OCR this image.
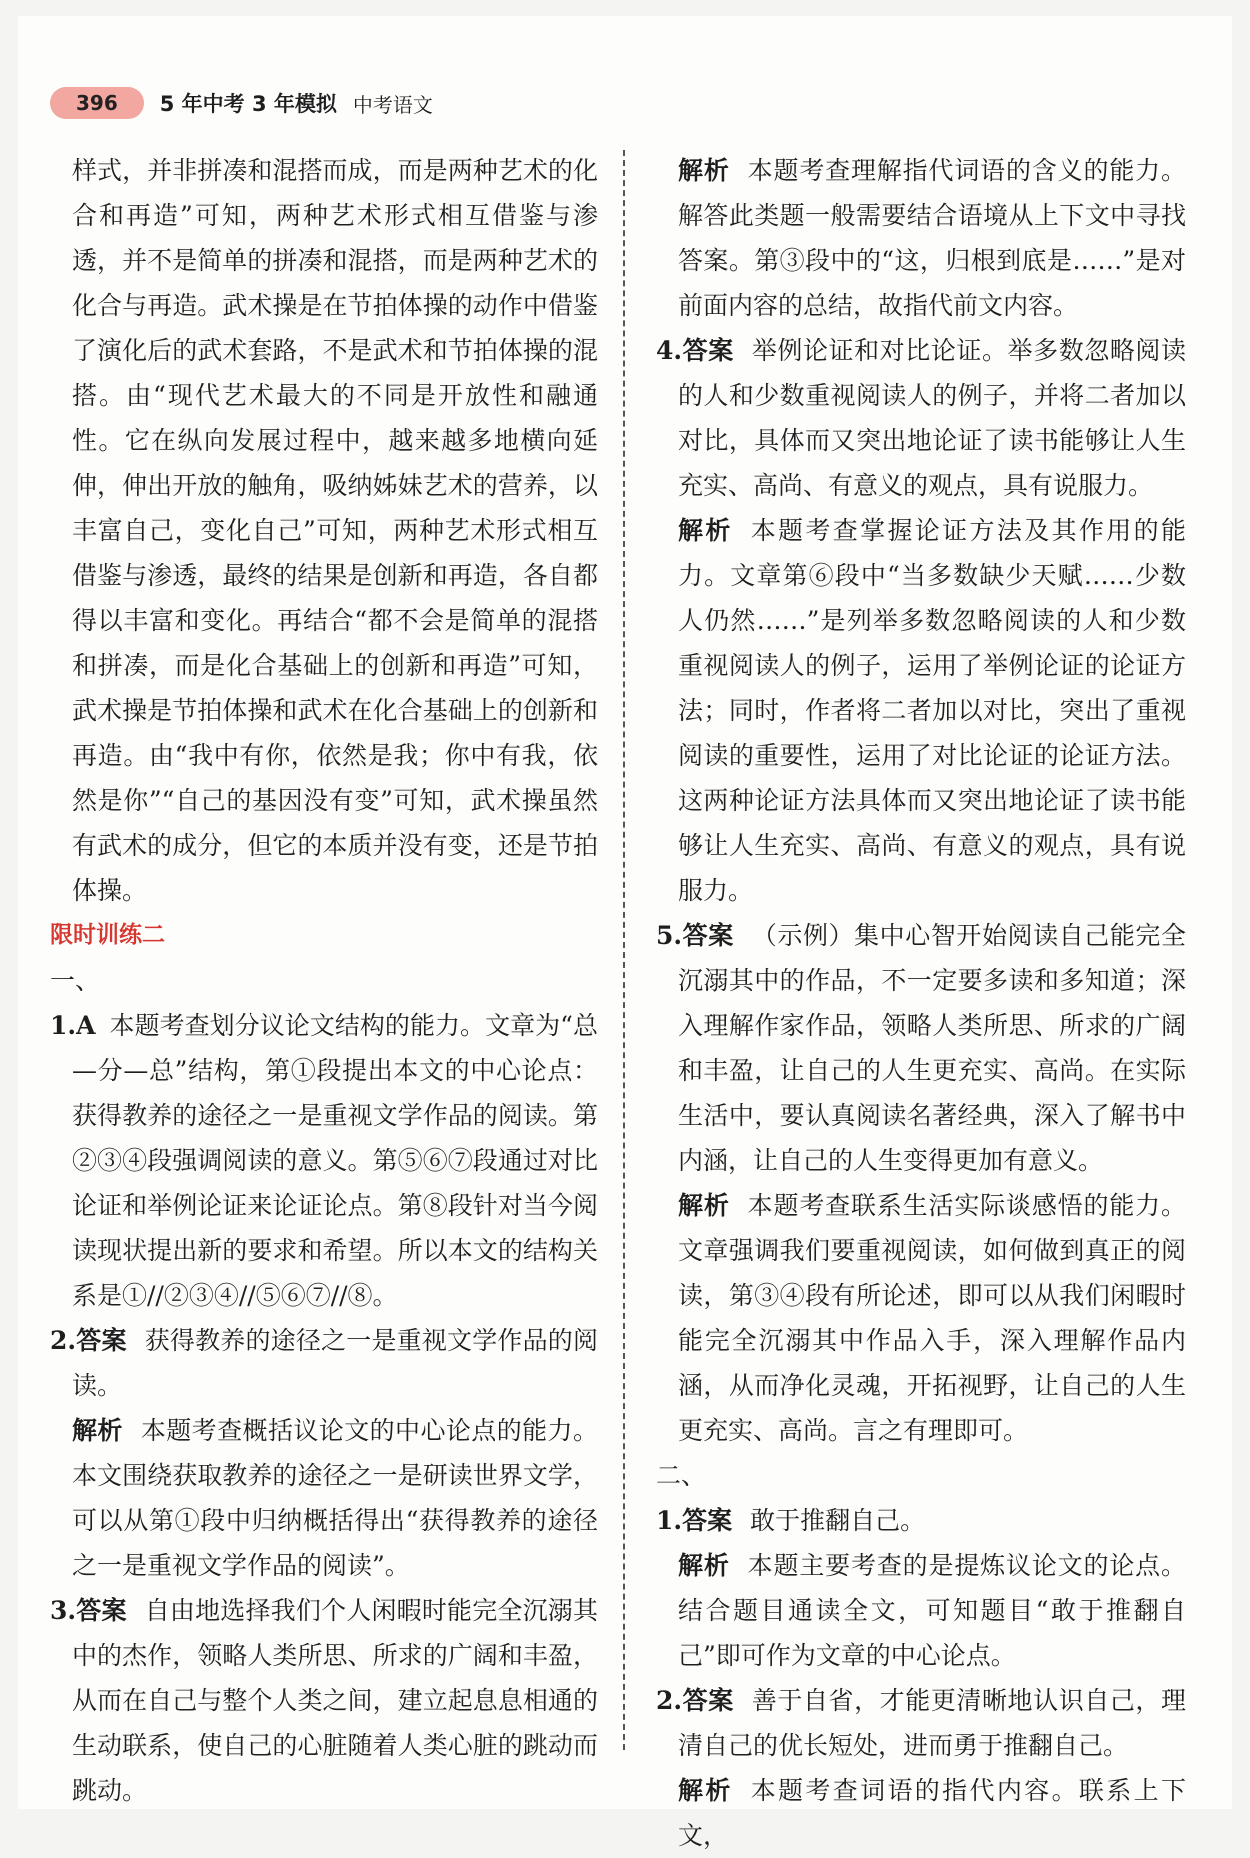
396	5 年中考 3 年模拟 中考语文

样式，并非拼凑和混搭而成，而是两种艺术的化合和再造”可知，两种艺术形式相互借鉴与渗透，并不是简单的拼凑和混搭，而是两种艺术的化合与再造。武术操是在节拍体操的动作中借鉴了演化后的武术套路，不是武术和节拍体操的混搭。由“现代艺术最大的不同是开放性和融通性。它在纵向发展过程中，越来越多地横向延伸，伸出开放的触角，吸纳姊妹艺术的营养，以丰富自己，变化自己”可知，两种艺术形式相互借鉴与渗透，最终的结果是创新和再造，各自都得以丰富和变化。再结合“都不会是简单的混搭和拼凑，而是化合基础上的创新和再造”可知，武术操是节拍体操和武术在化合基础上的创新和再造。由“我中有你，依然是我；你中有我，依然是你”“自己的基因没有变”可知，武术操虽然有武术的成分，但它的本质并没有变，还是节拍体操。

限时训练二

一、

1.A 本题考查划分议论文结构的能力。文章为“总—分—总”结构，第①段提出本文的中心论点：获得教养的途径之一是重视文学作品的阅读。第②③④段强调阅读的意义。第⑤⑥⑦段通过对比论证和举例论证来论证论点。第⑧段针对当今阅读现状提出新的要求和希望。所以本文的结构关系是①//②③④//⑤⑥⑦//⑧。

2.答案 获得教养的途径之一是重视文学作品的阅读。

解析 本题考查概括议论文的中心论点的能力。本文围绕获取教养的途径之一是研读世界文学，可以从第①段中归纳概括得出“获得教养的途径之一是重视文学作品的阅读”。

3.答案 自由地选择我们个人闲暇时能完全沉溺其中的杰作，领略人类所思、所求的广阔和丰盈，从而在自己与整个人类之间，建立起息息相通的生动联系，使自己的心脏随着人类心脏的跳动而跳动。

解析 本题考查理解指代词语的含义的能力。解答此类题一般需要结合语境从上下文中寻找答案。第③段中的“这，归根到底是……”是对前面内容的总结，故指代前文内容。

4.答案 举例论证和对比论证。举多数忽略阅读的人和少数重视阅读人的例子，并将二者加以对比，具体而又突出地论证了读书能够让人生充实、高尚、有意义的观点，具有说服力。

解析 本题考查掌握论证方法及其作用的能力。文章第⑥段中“当多数缺少天赋……少数人仍然……”是列举多数忽略阅读的人和少数重视阅读人的例子，运用了举例论证的论证方法；同时，作者将二者加以对比，突出了重视阅读的重要性，运用了对比论证的论证方法。这两种论证方法具体而又突出地论证了读书能够让人生充实、高尚、有意义的观点，具有说服力。

5.答案 （示例）集中心智开始阅读自己能完全沉溺其中的作品，不一定要多读和多知道；深入理解作家作品，领略人类所思、所求的广阔和丰盈，让自己的人生更充实、高尚。在实际生活中，要认真阅读名著经典，深入了解书中内涵，让自己的人生变得更加有意义。

解析 本题考查联系生活实际谈感悟的能力。文章强调我们要重视阅读，如何做到真正的阅读，第③④段有所论述，即可以从我们闲暇时能完全沉溺其中作品入手，深入理解作品内涵，从而净化灵魂，开拓视野，让自己的人生更充实、高尚。言之有理即可。

二、

1.答案 敢于推翻自己。

解析 本题主要考查的是提炼议论文的论点。结合题目通读全文，可知题目“敢于推翻自己”即可作为文章的中心论点。

2.答案 善于自省，才能更清晰地认识自己，理清自己的优长短处，进而勇于推翻自己。

解析 本题考查词语的指代内容。联系上下文，
